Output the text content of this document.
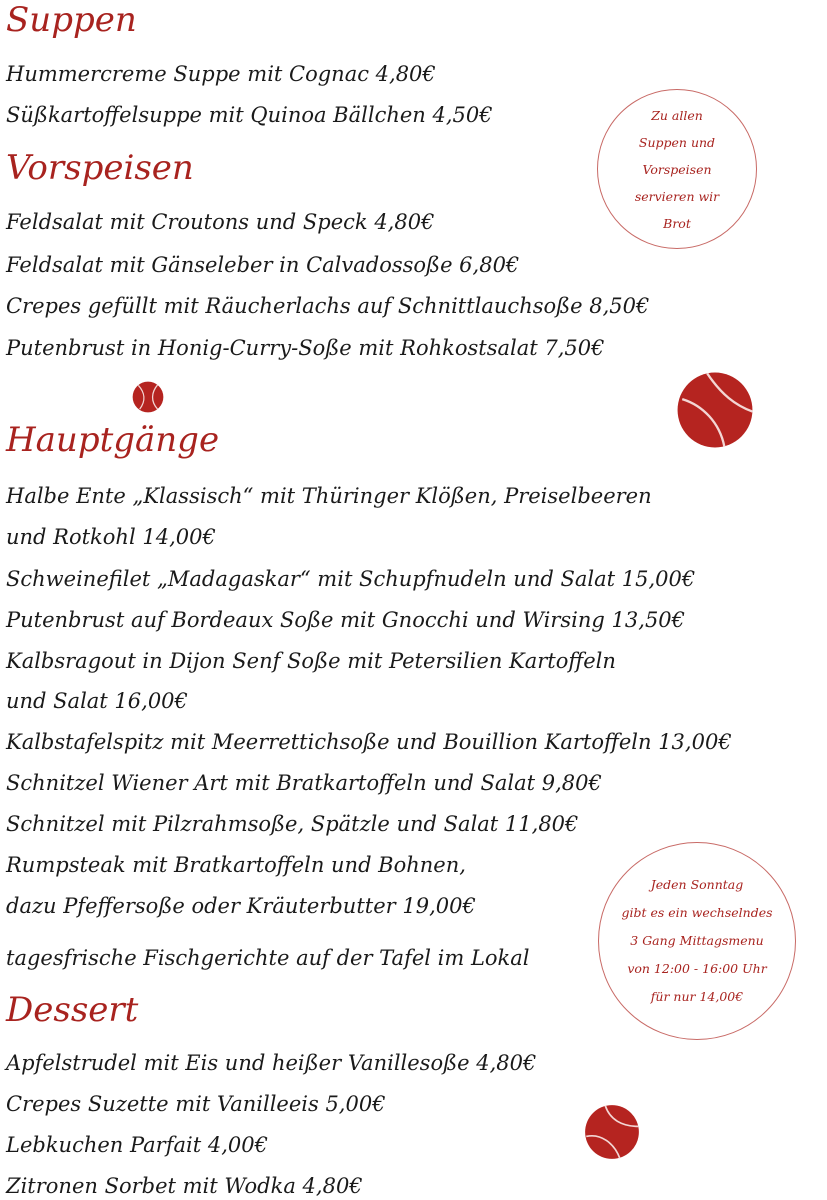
Suppen
Hummercreme Suppe mit Cognac 4,80€
Süßkartoffelsuppe mit Quinoa Bällchen 4,50€
Vorspeisen
Feldsalat mit Croutons und Speck 4,80€
Feldsalat mit Gänseleber in Calvadossoße 6,80€
Crepes gefüllt mit Räucherlachs auf Schnittlauchsoße 8,50€
Putenbrust in Honig-Curry-Soße mit Rohkostsalat 7,50€
Hauptgänge
Halbe Ente „Klassisch“ mit Thüringer Klößen, Preiselbeeren
und Rotkohl 14,00€
Schweinefilet „Madagaskar“ mit Schupfnudeln und Salat 15,00€
Putenbrust auf Bordeaux Soße mit Gnocchi und Wirsing 13,50€
Kalbsragout in Dijon Senf Soße mit Petersilien Kartoffeln
und Salat 16,00€
Kalbstafelspitz mit Meerrettichsoße und Bouillion Kartoffeln 13,00€
Schnitzel Wiener Art mit Bratkartoffeln und Salat 9,80€
Schnitzel mit Pilzrahmsoße, Spätzle und Salat 11,80€
Rumpsteak mit Bratkartoffeln und Bohnen,
dazu Pfeffersoße oder Kräuterbutter 19,00€
tagesfrische Fischgerichte auf der Tafel im Lokal
Dessert
Apfelstrudel mit Eis und heißer Vanillesoße 4,80€
Crepes Suzette mit Vanilleeis 5,00€
Lebkuchen Parfait 4,00€
Zitronen Sorbet mit Wodka 4,80€
Zu allen
Suppen und
Vorspeisen
servieren wir
Brot
Jeden Sonntag
gibt es ein wechselndes
3 Gang Mittagsmenu
von 12:00 - 16:00 Uhr
für nur 14,00€
